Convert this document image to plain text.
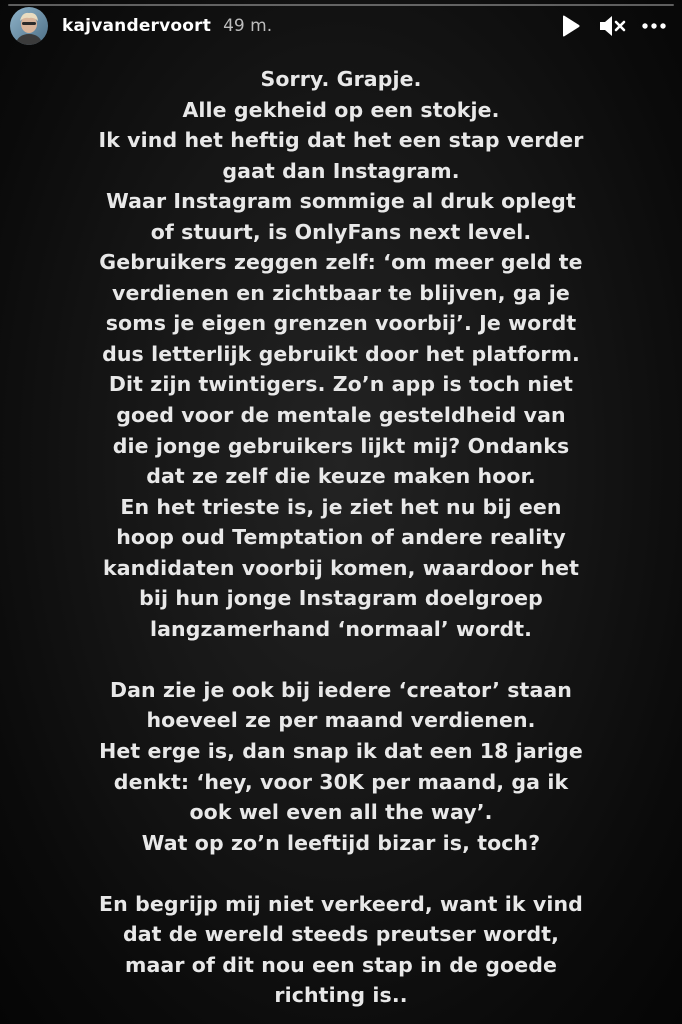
kajvandervoort 49 m.
Sorry. Grapje.
Alle gekheid op een stokje.
Ik vind het heftig dat het een stap verder
gaat dan Instagram.
Waar Instagram sommige al druk oplegt
of stuurt, is OnlyFans next level.
Gebruikers zeggen zelf: ‘om meer geld te
verdienen en zichtbaar te blijven, ga je
soms je eigen grenzen voorbij’. Je wordt
dus letterlijk gebruikt door het platform.
Dit zijn twintigers. Zo’n app is toch niet
goed voor de mentale gesteldheid van
die jonge gebruikers lijkt mij? Ondanks
dat ze zelf die keuze maken hoor.
En het trieste is, je ziet het nu bij een
hoop oud Temptation of andere reality
kandidaten voorbij komen, waardoor het
bij hun jonge Instagram doelgroep
langzamerhand ‘normaal’ wordt.
Dan zie je ook bij iedere ‘creator’ staan
hoeveel ze per maand verdienen.
Het erge is, dan snap ik dat een 18 jarige
denkt: ‘hey, voor 30K per maand, ga ik
ook wel even all the way’.
Wat op zo’n leeftijd bizar is, toch?
En begrijp mij niet verkeerd, want ik vind
dat de wereld steeds preutser wordt,
maar of dit nou een stap in de goede
richting is..
